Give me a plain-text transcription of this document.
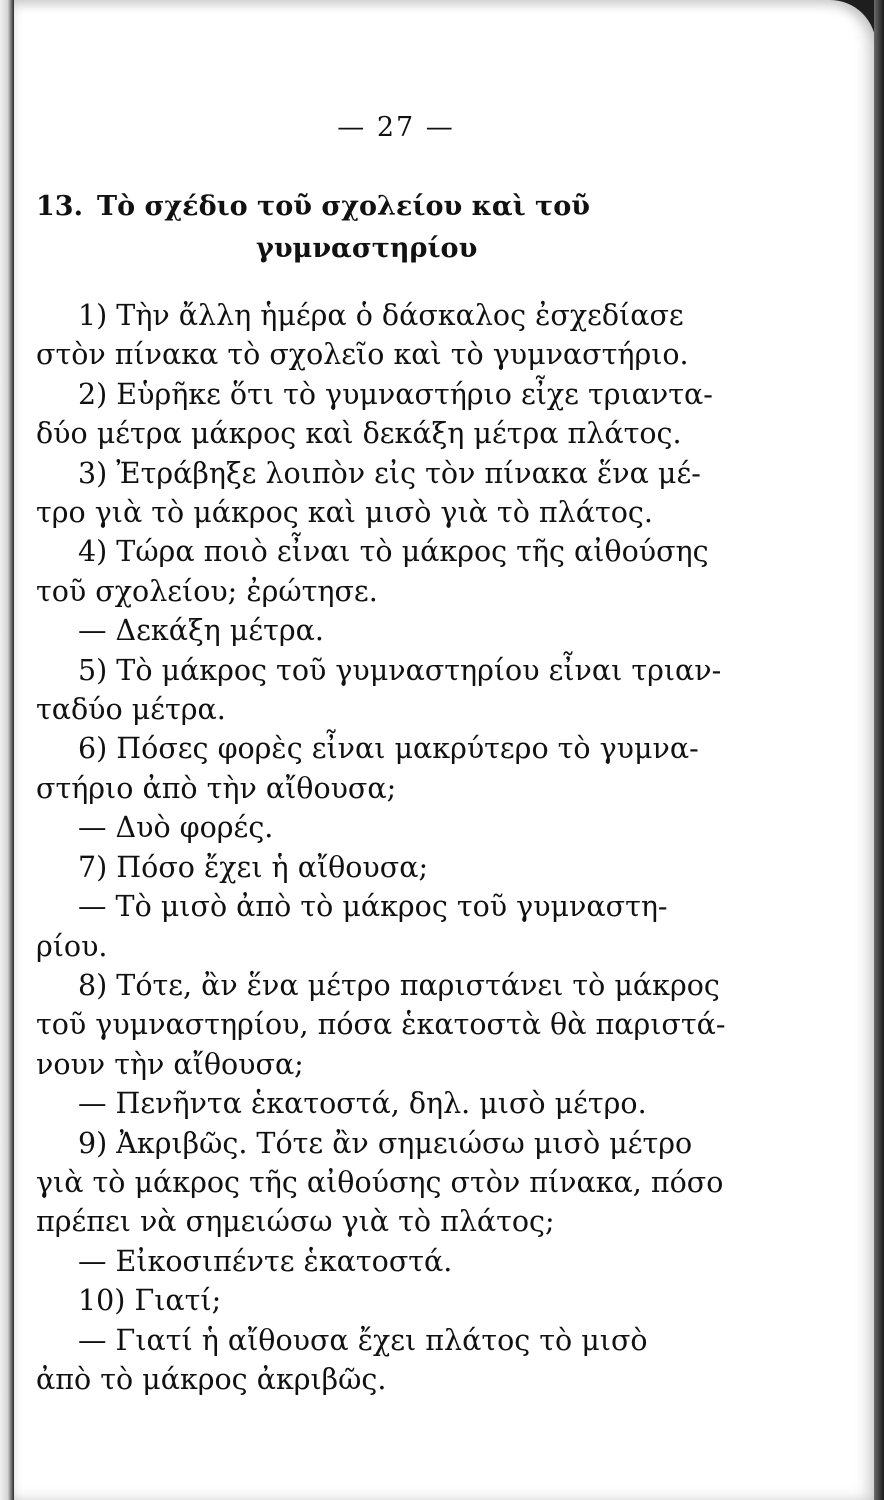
— 27 —
13. Τὸ σχέδιο τοῦ σχολείου καὶ τοῦ
γυμναστηρίου
1) Τὴν ἄλλη ἡμέρα ὁ δάσκαλος ἐσχεδίασε
στὸν πίνακα τὸ σχολεῖο καὶ τὸ γυμναστήριο.
2) Εὑρῆκε ὅτι τὸ γυμναστήριο εἶχε τριαντα-
δύο μέτρα μάκρος καὶ δεκάξη μέτρα πλάτος.
3) Ἐτράβηξε λοιπὸν εἰς τὸν πίνακα ἕνα μέ-
τρο γιὰ τὸ μάκρος καὶ μισὸ γιὰ τὸ πλάτος.
4) Τώρα ποιὸ εἶναι τὸ μάκρος τῆς αἰθούσης
τοῦ σχολείου; ἐρώτησε.
— Δεκάξη μέτρα.
5) Τὸ μάκρος τοῦ γυμναστηρίου εἶναι τριαν-
ταδύο μέτρα.
6) Πόσες φορὲς εἶναι μακρύτερο τὸ γυμνα-
στήριο ἀπὸ τὴν αἴθουσα;
— Δυὸ φορές.
7) Πόσο ἔχει ἡ αἴθουσα;
— Τὸ μισὸ ἀπὸ τὸ μάκρος τοῦ γυμναστη-
ρίου.
8) Τότε, ἂν ἕνα μέτρο παριστάνει τὸ μάκρος
τοῦ γυμναστηρίου, πόσα ἑκατοστὰ θὰ παριστά-
νουν τὴν αἴθουσα;
— Πενῆντα ἑκατοστά, δηλ. μισὸ μέτρο.
9) Ἀκριβῶς. Τότε ἂν σημειώσω μισὸ μέτρο
γιὰ τὸ μάκρος τῆς αἰθούσης στὸν πίνακα, πόσο
πρέπει νὰ σημειώσω γιὰ τὸ πλάτος;
— Εἰκοσιπέντε ἑκατοστά.
10) Γιατί;
— Γιατί ἡ αἴθουσα ἔχει πλάτος τὸ μισὸ
ἀπὸ τὸ μάκρος ἀκριβῶς.
